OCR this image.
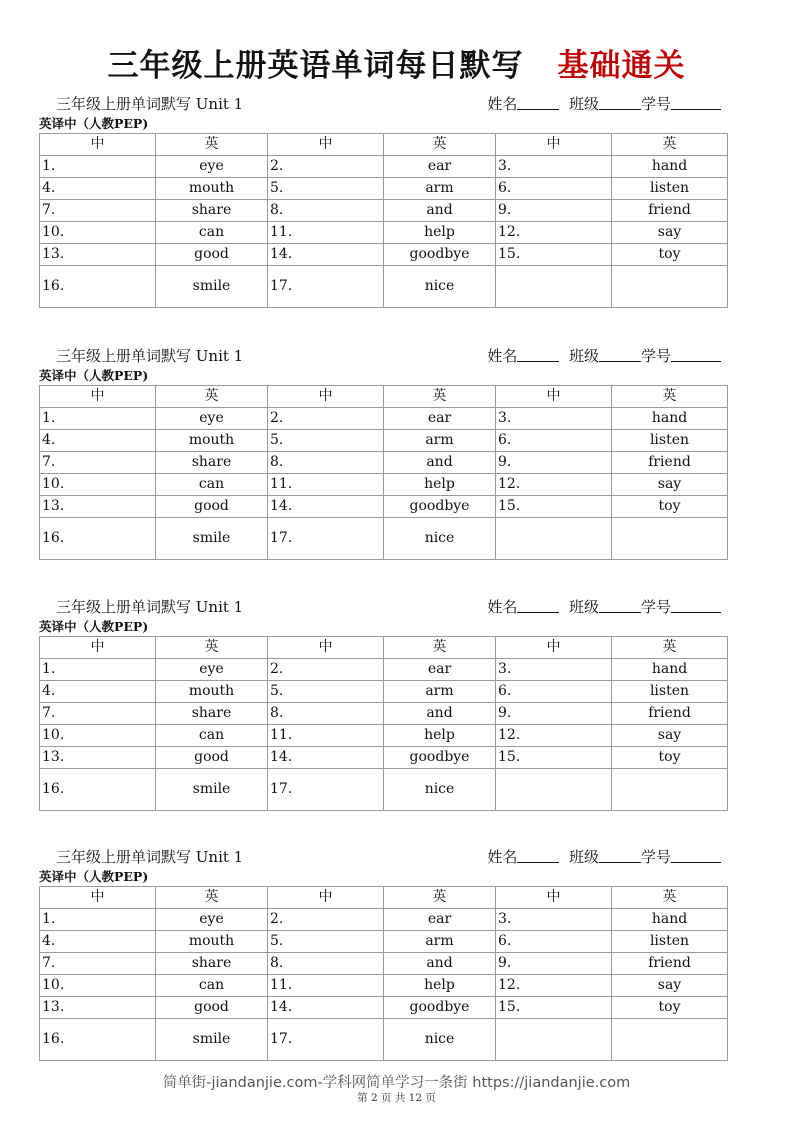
三年级上册英语单词每日默写 基础通关
三年级上册单词默写 Unit 1	姓名	班级	学号
英译中（人教PEP)
中	英	中	英	中	英
1.	eye	2.	ear	3.	hand
4.	mouth	5.	arm	6.	listen
7.	share	8.	and	9.	friend
10.	can	11.	help	12.	say
13.	good	14.	goodbye	15.	toy
16.	smile	17.	nice		
三年级上册单词默写 Unit 1	姓名	班级	学号
英译中（人教PEP)
中	英	中	英	中	英
1.	eye	2.	ear	3.	hand
4.	mouth	5.	arm	6.	listen
7.	share	8.	and	9.	friend
10.	can	11.	help	12.	say
13.	good	14.	goodbye	15.	toy
16.	smile	17.	nice		
三年级上册单词默写 Unit 1	姓名	班级	学号
英译中（人教PEP)
中	英	中	英	中	英
1.	eye	2.	ear	3.	hand
4.	mouth	5.	arm	6.	listen
7.	share	8.	and	9.	friend
10.	can	11.	help	12.	say
13.	good	14.	goodbye	15.	toy
16.	smile	17.	nice		
三年级上册单词默写 Unit 1	姓名	班级	学号
英译中（人教PEP)
中	英	中	英	中	英
1.	eye	2.	ear	3.	hand
4.	mouth	5.	arm	6.	listen
7.	share	8.	and	9.	friend
10.	can	11.	help	12.	say
13.	good	14.	goodbye	15.	toy
16.	smile	17.	nice		
简单街-jiandanjie.com-学科网简单学习一条街 https://jiandanjie.com
第 2 页 共 12 页
